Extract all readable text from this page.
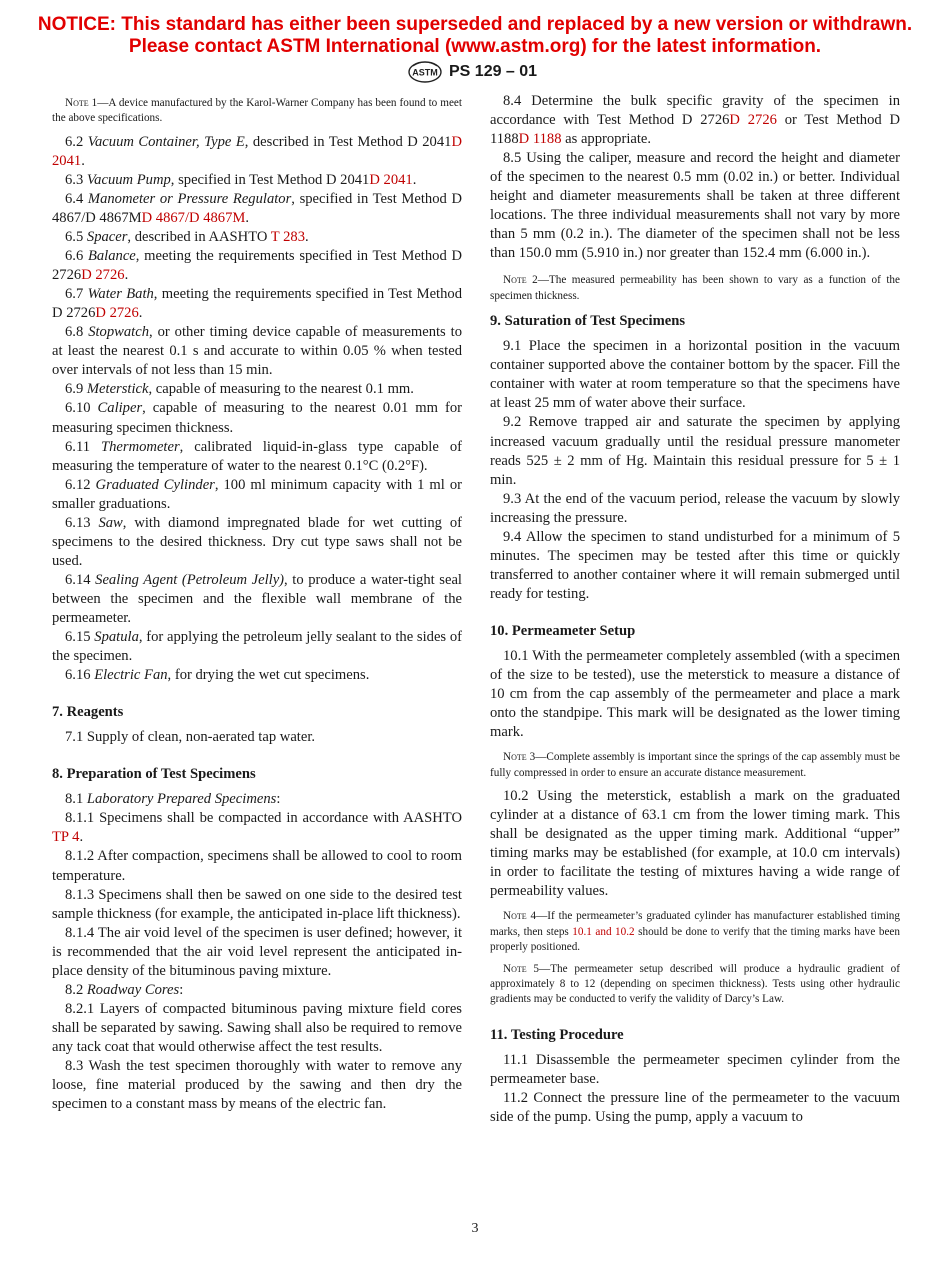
NOTICE: This standard has either been superseded and replaced by a new version or withdrawn.
Please contact ASTM International (www.astm.org) for the latest information.
ASTM PS 129 – 01
Note 1—A device manufactured by the Karol-Warner Company has been found to meet the above specifications.

6.2 Vacuum Container, Type E, described in Test Method D 2041D 2041.

6.3 Vacuum Pump, specified in Test Method D 2041D 2041.

6.4 Manometer or Pressure Regulator, specified in Test Method D 4867/D 4867MD 4867/D 4867M.

6.5 Spacer, described in AASHTO T 283.

6.6 Balance, meeting the requirements specified in Test Method D 2726D 2726.

6.7 Water Bath, meeting the requirements specified in Test Method D 2726D 2726.

6.8 Stopwatch, or other timing device capable of measurements to at least the nearest 0.1 s and accurate to within 0.05 % when tested over intervals of not less than 15 min.

6.9 Meterstick, capable of measuring to the nearest 0.1 mm.

6.10 Caliper, capable of measuring to the nearest 0.01 mm for measuring specimen thickness.

6.11 Thermometer, calibrated liquid-in-glass type capable of measuring the temperature of water to the nearest 0.1°C (0.2°F).

6.12 Graduated Cylinder, 100 ml minimum capacity with 1 ml or smaller graduations.

6.13 Saw, with diamond impregnated blade for wet cutting of specimens to the desired thickness. Dry cut type saws shall not be used.

6.14 Sealing Agent (Petroleum Jelly), to produce a water-tight seal between the specimen and the flexible wall membrane of the permeameter.

6.15 Spatula, for applying the petroleum jelly sealant to the sides of the specimen.

6.16 Electric Fan, for drying the wet cut specimens.

7. Reagents

7.1 Supply of clean, non-aerated tap water.

8. Preparation of Test Specimens

8.1 Laboratory Prepared Specimens:

8.1.1 Specimens shall be compacted in accordance with AASHTO TP 4.

8.1.2 After compaction, specimens shall be allowed to cool to room temperature.

8.1.3 Specimens shall then be sawed on one side to the desired test sample thickness (for example, the anticipated in-place lift thickness).

8.1.4 The air void level of the specimen is user defined; however, it is recommended that the air void level represent the anticipated in-place density of the bituminous paving mixture.

8.2 Roadway Cores:

8.2.1 Layers of compacted bituminous paving mixture field cores shall be separated by sawing. Sawing shall also be required to remove any tack coat that would otherwise affect the test results.

8.3 Wash the test specimen thoroughly with water to remove any loose, fine material produced by the sawing and then dry the specimen to a constant mass by means of the electric fan.

8.4 Determine the bulk specific gravity of the specimen in accordance with Test Method D 2726D 2726 or Test Method D 1188D 1188 as appropriate.

8.5 Using the caliper, measure and record the height and diameter of the specimen to the nearest 0.5 mm (0.02 in.) or better. Individual height and diameter measurements shall be taken at three different locations. The three individual measurements shall not vary by more than 5 mm (0.2 in.). The diameter of the specimen shall not be less than 150.0 mm (5.910 in.) nor greater than 152.4 mm (6.000 in.).

Note 2—The measured permeability has been shown to vary as a function of the specimen thickness.
9. Saturation of Test Specimens

9.1 Place the specimen in a horizontal position in the vacuum container supported above the container bottom by the spacer. Fill the container with water at room temperature so that the specimens have at least 25 mm of water above their surface.

9.2 Remove trapped air and saturate the specimen by applying increased vacuum gradually until the residual pressure manometer reads 525 ± 2 mm of Hg. Maintain this residual pressure for 5 ± 1 min.

9.3 At the end of the vacuum period, release the vacuum by slowly increasing the pressure.

9.4 Allow the specimen to stand undisturbed for a minimum of 5 minutes. The specimen may be tested after this time or quickly transferred to another container where it will remain submerged until ready for testing.

10. Permeameter Setup

10.1 With the permeameter completely assembled (with a specimen of the size to be tested), use the meterstick to measure a distance of 10 cm from the cap assembly of the permeameter and place a mark onto the standpipe. This mark will be designated as the lower timing mark.

Note 3—Complete assembly is important since the springs of the cap assembly must be fully compressed in order to ensure an accurate distance measurement.

10.2 Using the meterstick, establish a mark on the graduated cylinder at a distance of 63.1 cm from the lower timing mark. This shall be designated as the upper timing mark. Additional “upper” timing marks may be established (for example, at 10.0 cm intervals) in order to facilitate the testing of mixtures having a wide range of permeability values.

Note 4—If the permeameter’s graduated cylinder has manufacturer established timing marks, then steps 10.1 and 10.2 should be done to verify that the timing marks have been properly positioned.
Note 5—The permeameter setup described will produce a hydraulic gradient of approximately 8 to 12 (depending on specimen thickness). Tests using other hydraulic gradients may be conducted to verify the validity of Darcy’s Law.
11. Testing Procedure

11.1 Disassemble the permeameter specimen cylinder from the permeameter base.

11.2 Connect the pressure line of the permeameter to the vacuum side of the pump. Using the pump, apply a vacuum to

3
